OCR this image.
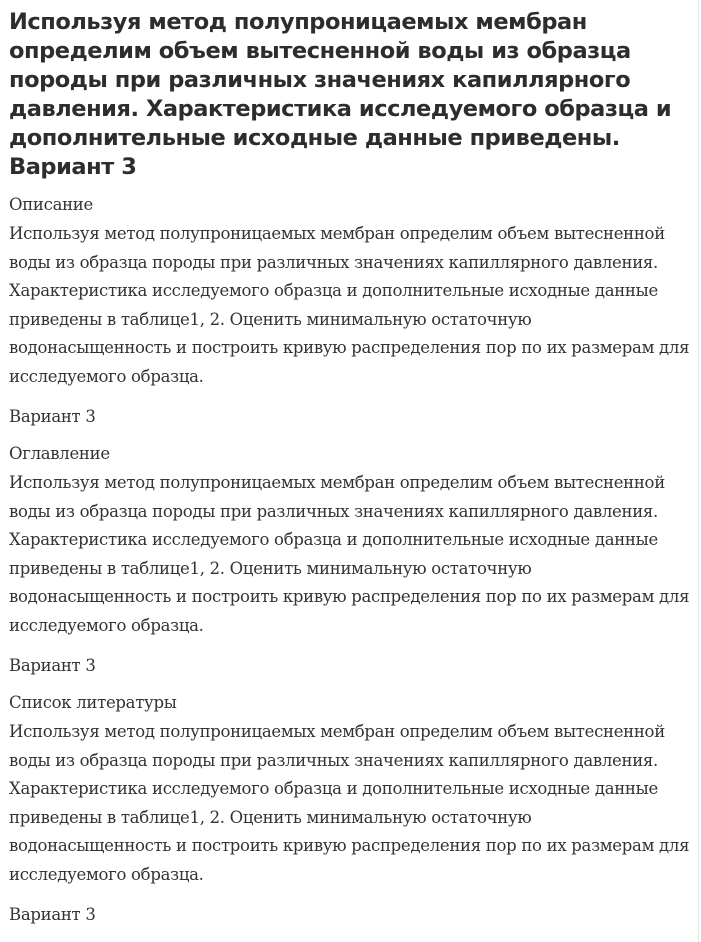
Используя метод полупроницаемых мембран определим объем вытесненной воды из образца породы при различных значениях капиллярного давления. Характеристика исследуемого образца и дополнительные исходные данные приведены. Вариант 3
Описание
Используя метод полупроницаемых мембран определим объем вытесненной воды из образца породы при различных значениях капиллярного давления. Характеристика исследуемого образца и дополнительные исходные данные приведены в таблице1, 2. Оценить минимальную остаточную водонасыщенность и построить кривую распределения пор по их размерам для исследуемого образца.
Вариант 3
Оглавление
Используя метод полупроницаемых мембран определим объем вытесненной воды из образца породы при различных значениях капиллярного давления. Характеристика исследуемого образца и дополнительные исходные данные приведены в таблице1, 2. Оценить минимальную остаточную водонасыщенность и построить кривую распределения пор по их размерам для исследуемого образца.
Вариант 3
Список литературы
Используя метод полупроницаемых мембран определим объем вытесненной воды из образца породы при различных значениях капиллярного давления. Характеристика исследуемого образца и дополнительные исходные данные приведены в таблице1, 2. Оценить минимальную остаточную водонасыщенность и построить кривую распределения пор по их размерам для исследуемого образца.
Вариант 3
